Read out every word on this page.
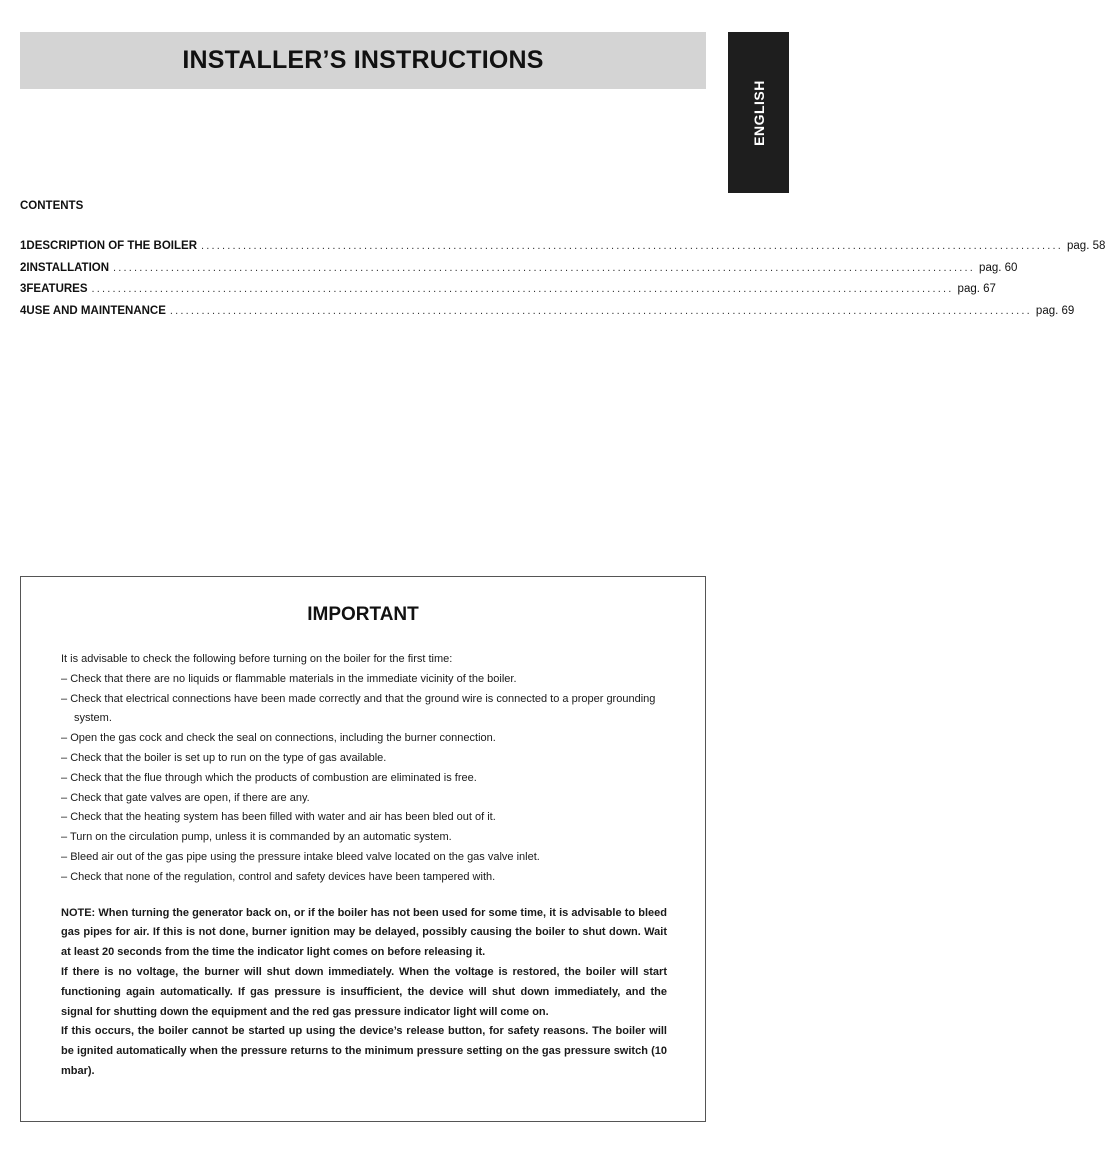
INSTALLER’S INSTRUCTIONS
ENGLISH
CONTENTS
1 DESCRIPTION OF THE BOILER .................................................................................................................................................................... pag. 58
2 INSTALLATION .................................................................................................................................................................... pag. 60
3 FEATURES .................................................................................................................................................................... pag. 67
4 USE AND MAINTENANCE .................................................................................................................................................................... pag. 69
IMPORTANT

It is advisable to check the following before turning on the boiler for the first time:

– Check that there are no liquids or flammable materials in the immediate vicinity of the boiler.
– Check that electrical connections have been made correctly and that the ground wire is connected to a proper grounding system.
– Open the gas cock and check the seal on connections, including the burner connection.
– Check that the boiler is set up to run on the type of gas available.
– Check that the flue through which the products of combustion are eliminated is free.
– Check that gate valves are open, if there are any.
– Check that the heating system has been filled with water and air has been bled out of it.
– Turn on the circulation pump, unless it is commanded by an automatic system.
– Bleed air out of the gas pipe using the pressure intake bleed valve located on the gas valve inlet.
– Check that none of the regulation, control and safety devices have been tampered with.

NOTE: When turning the generator back on, or if the boiler has not been used for some time, it is advisable to bleed gas pipes for air. If this is not done, burner ignition may be delayed, possibly causing the boiler to shut down. Wait at least 20 seconds from the time the indicator light comes on before releasing it.

If there is no voltage, the burner will shut down immediately. When the voltage is restored, the boiler will start functioning again automatically. If gas pressure is insufficient, the device will shut down immediately, and the signal for shutting down the equipment and the red gas pressure indicator light will come on.

If this occurs, the boiler cannot be started up using the device’s release button, for safety reasons. The boiler will be ignited automatically when the pressure returns to the minimum pressure setting on the gas pressure switch (10 mbar).
